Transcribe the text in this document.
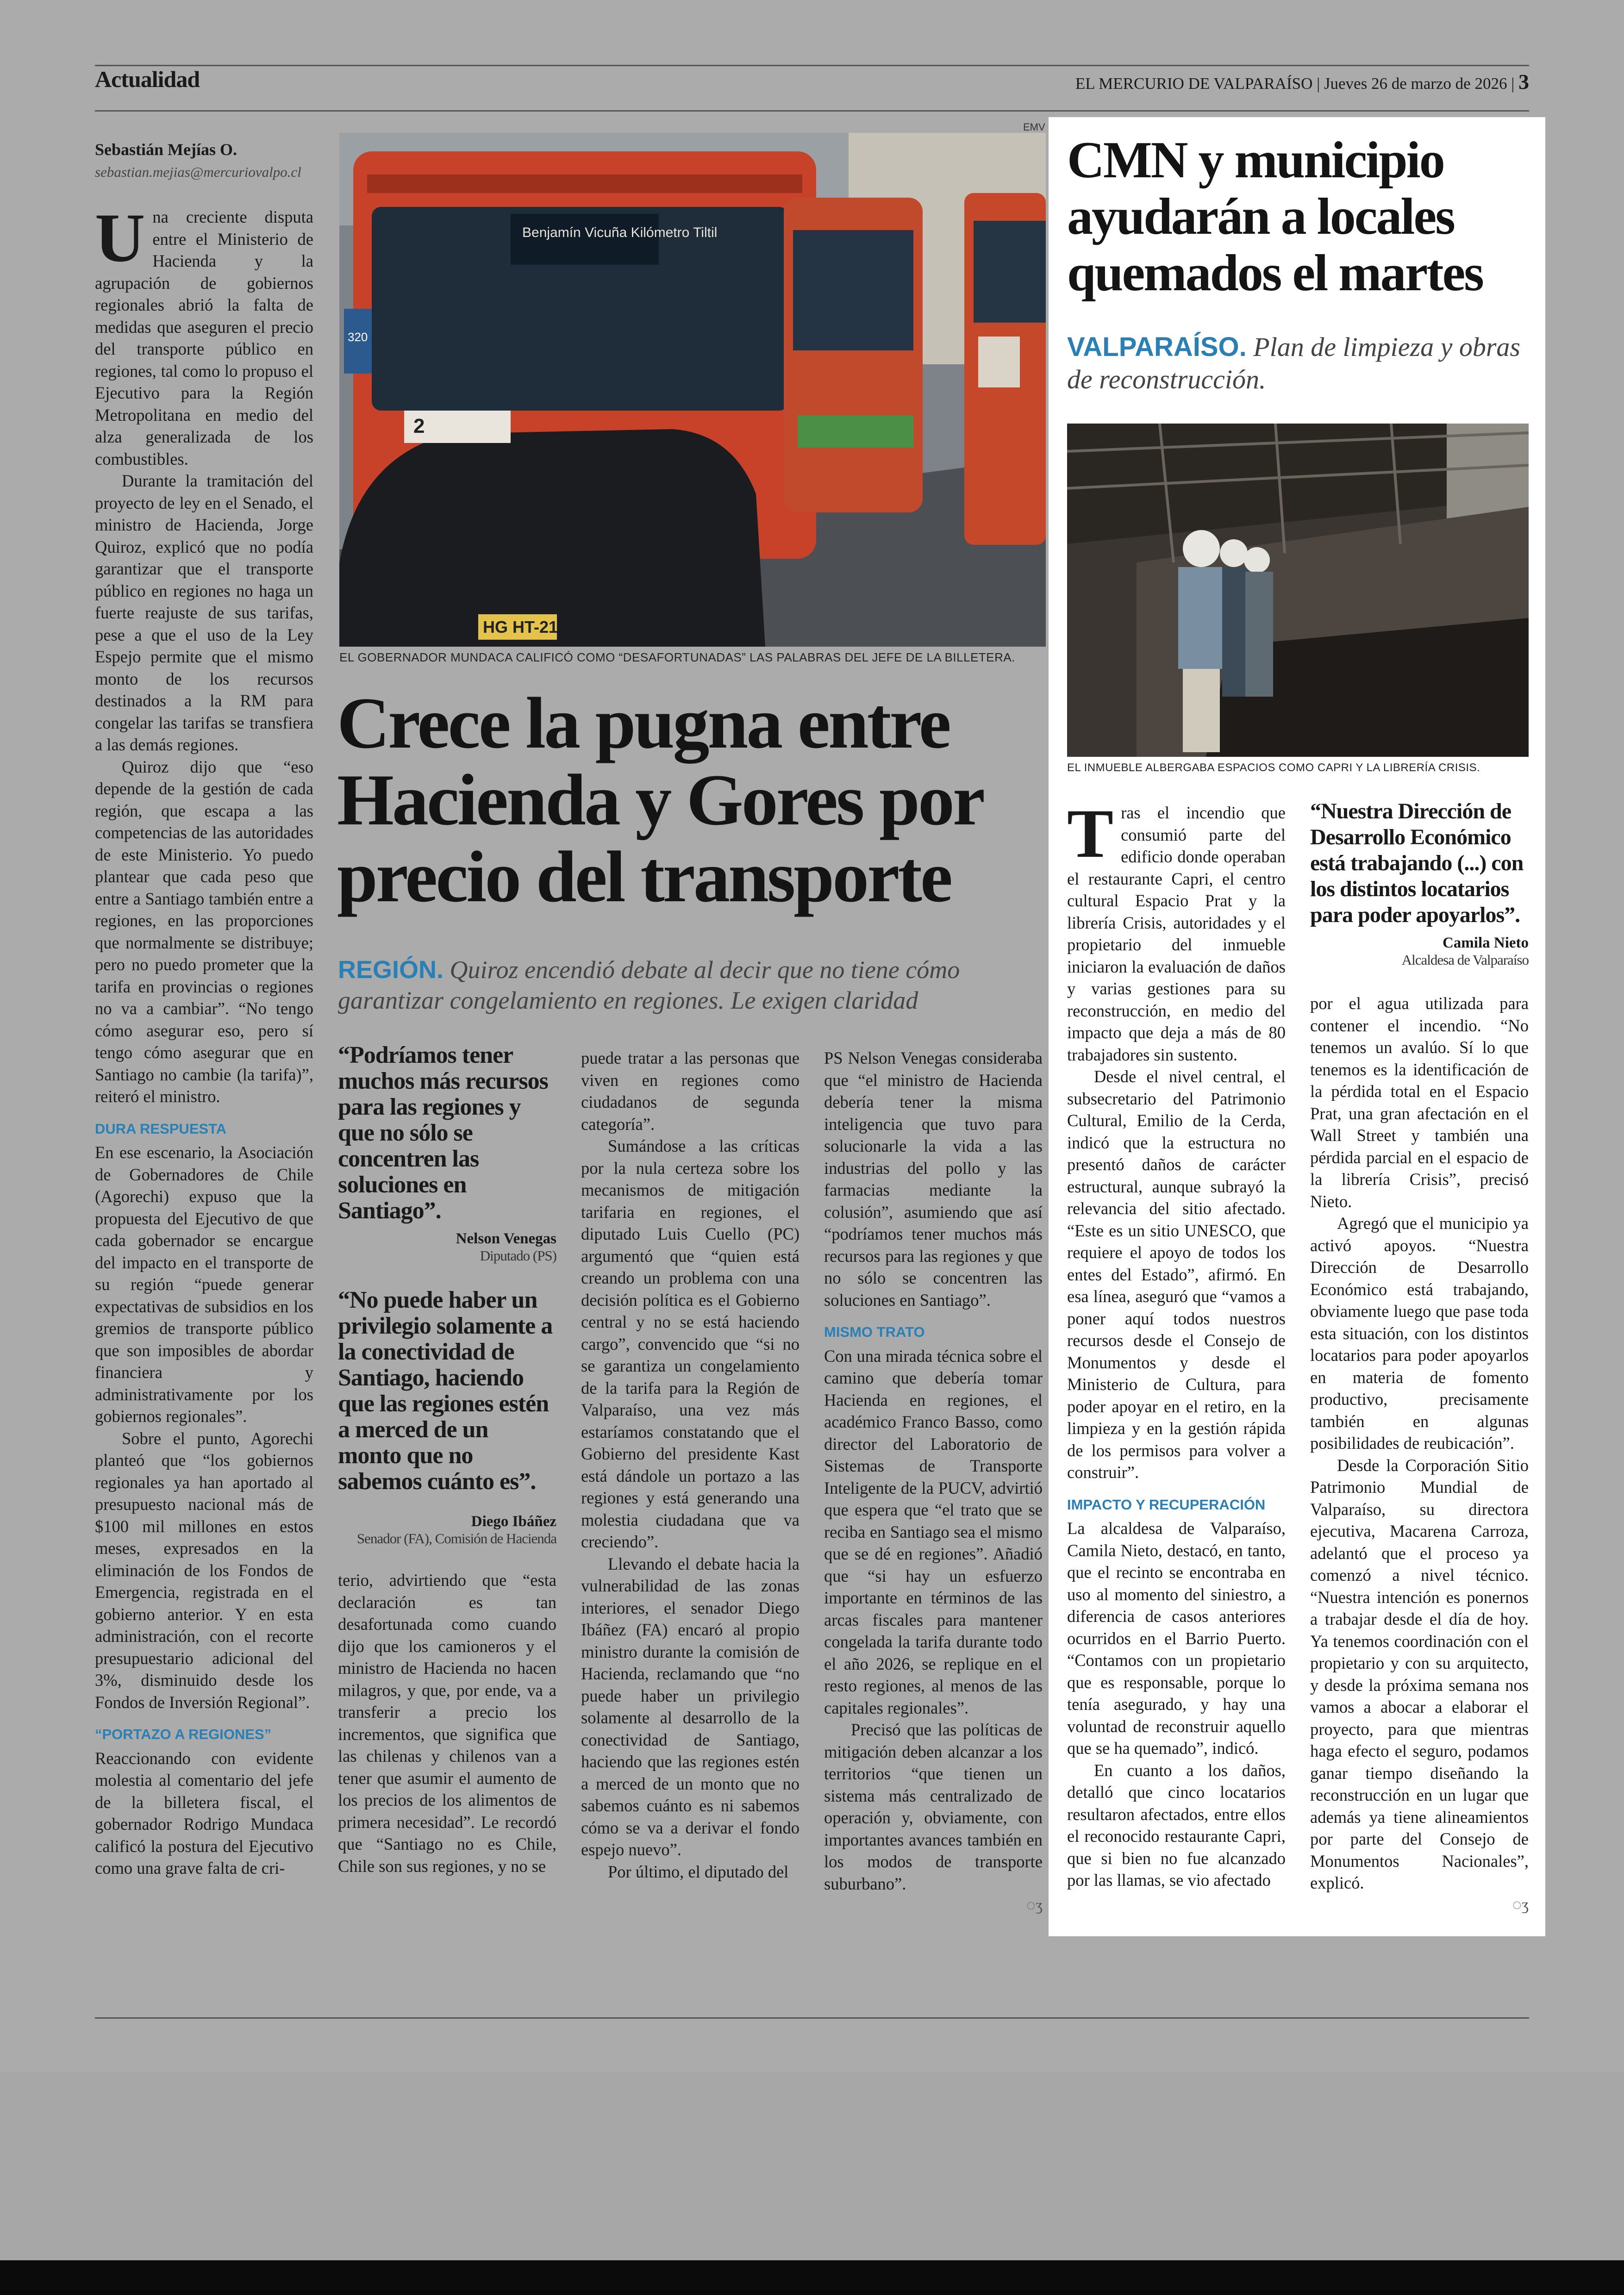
Actualidad	EL MERCURIO DE VALPARAÍSO | Jueves 26 de marzo de 2026 | 3
Sebastián Mejías O.
sebastian.mejias@mercuriovalpo.cl

Una creciente disputa entre el Ministerio de Hacienda y la agrupación de gobiernos regionales abrió la falta de medidas que aseguren el precio del transporte público en regiones, tal como lo propuso el Ejecutivo para la Región Metropolitana en medio del alza generalizada de los combustibles.

Durante la tramitación del proyecto de ley en el Senado, el ministro de Hacienda, Jorge Quiroz, explicó que no podía garantizar que el transporte público en regiones no haga un fuerte reajuste de sus tarifas, pese a que el uso de la Ley Espejo permite que el mismo monto de los recursos destinados a la RM para congelar las tarifas se transfiera a las demás regiones.

Quiroz dijo que “eso depende de la gestión de cada región, que escapa a las competencias de las autoridades de este Ministerio. Yo puedo plantear que cada peso que entre a Santiago también entre a regiones, en las proporciones que normalmente se distribuye; pero no puedo prometer que la tarifa en provincias o regiones no va a cambiar”. “No tengo cómo asegurar eso, pero sí tengo cómo asegurar que en Santiago no cambie (la tarifa)”, reiteró el ministro.

DURA RESPUESTA

En ese escenario, la Asociación de Gobernadores de Chile (Agorechi) expuso que la propuesta del Ejecutivo de que cada gobernador se encargue del impacto en el transporte de su región “puede generar expectativas de subsidios en los gremios de transporte público que son imposibles de abordar financiera y administrativamente por los gobiernos regionales”.

Sobre el punto, Agorechi planteó que “los gobiernos regionales ya han aportado al presupuesto nacional más de $100 mil millones en estos meses, expresados en la eliminación de los Fondos de Emergencia, registrada en el gobierno anterior. Y en esta administración, con el recorte presupuestario adicional del 3%, disminuido desde los Fondos de Inversión Regional”.

“PORTAZO A REGIONES”

Reaccionando con evidente molestia al comentario del jefe de la billetera fiscal, el gobernador Rodrigo Mundaca calificó la postura del Ejecutivo como una grave falta de cri-

Benjamín Vicuña Kilómetro Tiltil
320
2
HG HT-21
EMV
EL GOBERNADOR MUNDACA CALIFICÓ COMO “DESAFORTUNADAS” LAS PALABRAS DEL JEFE DE LA BILLETERA.
Crece la pugna entre Hacienda y Gores por precio del transporte
REGIÓN. Quiroz encendió debate al decir que no tiene cómo garantizar congelamiento en regiones. Le exigen claridad
“Podríamos tener muchos más recursos para las regiones y que no sólo se concentren las soluciones en Santiago”.
Nelson Venegas
Diputado (PS)
“No puede haber un privilegio solamente a la conectividad de Santiago, haciendo que las regiones estén a merced de un monto que no sabemos cuánto es”.
Diego Ibáñez
Senador (FA), Comisión de Hacienda

terio, advirtiendo que “esta declaración es tan desafortunada como cuando dijo que los camioneros y el ministro de Hacienda no hacen milagros, y que, por ende, va a transferir a precio los incrementos, que significa que las chilenas y chilenos van a tener que asumir el aumento de los precios de los alimentos de primera necesidad”. Le recordó que “Santiago no es Chile, Chile son sus regiones, y no se

puede tratar a las personas que viven en regiones como ciudadanos de segunda categoría”.

Sumándose a las críticas por la nula certeza sobre los mecanismos de mitigación tarifaria en regiones, el diputado Luis Cuello (PC) argumentó que “quien está creando un problema con una decisión política es el Gobierno central y no se está haciendo cargo”, convencido que “si no se garantiza un congelamiento de la tarifa para la Región de Valparaíso, una vez más estaríamos constatando que el Gobierno del presidente Kast está dándole un portazo a las regiones y está generando una molestia ciudadana que va creciendo”.

Llevando el debate hacia la vulnerabilidad de las zonas interiores, el senador Diego Ibáñez (FA) encaró al propio ministro durante la comisión de Hacienda, reclamando que “no puede haber un privilegio solamente al desarrollo de la conectividad de Santiago, haciendo que las regiones estén a merced de un monto que no sabemos cuánto es ni sabemos cómo se va a derivar el fondo espejo nuevo”.

Por último, el diputado del

PS Nelson Venegas consideraba que “el ministro de Hacienda debería tener la misma inteligencia que tuvo para solucionarle la vida a las industrias del pollo y las farmacias mediante la colusión”, asumiendo que así “podríamos tener muchos más recursos para las regiones y que no sólo se concentren las soluciones en Santiago”.

MISMO TRATO

Con una mirada técnica sobre el camino que debería tomar Hacienda en regiones, el académico Franco Basso, como director del Laboratorio de Sistemas de Transporte Inteligente de la PUCV, advirtió que espera que “el trato que se reciba en Santiago sea el mismo que se dé en regiones”. Añadió que “si hay un esfuerzo importante en términos de las arcas fiscales para mantener congelada la tarifa durante todo el año 2026, se replique en el resto regiones, al menos de las capitales regionales”.

Precisó que las políticas de mitigación deben alcanzar a los territorios “que tienen un sistema más centralizado de operación y, obviamente, con importantes avances también en los modos de transporte suburbano”.

◌ʒ
CMN y municipio ayudarán a locales quemados el martes
VALPARAÍSO. Plan de limpieza y obras de reconstrucción.
EL INMUEBLE ALBERGABA ESPACIOS COMO CAPRI Y LA LIBRERÍA CRISIS.

Tras el incendio que consumió parte del edificio donde operaban el restaurante Capri, el centro cultural Espacio Prat y la librería Crisis, autoridades y el propietario del inmueble iniciaron la evaluación de daños y varias gestiones para su reconstrucción, en medio del impacto que deja a más de 80 trabajadores sin sustento.

Desde el nivel central, el subsecretario del Patrimonio Cultural, Emilio de la Cerda, indicó que la estructura no presentó daños de carácter estructural, aunque subrayó la relevancia del sitio afectado. “Este es un sitio UNESCO, que requiere el apoyo de todos los entes del Estado”, afirmó. En esa línea, aseguró que “vamos a poner aquí todos nuestros recursos desde el Consejo de Monumentos y desde el Ministerio de Cultura, para poder apoyar en el retiro, en la limpieza y en la gestión rápida de los permisos para volver a construir”.

IMPACTO Y RECUPERACIÓN

La alcaldesa de Valparaíso, Camila Nieto, destacó, en tanto, que el recinto se encontraba en uso al momento del siniestro, a diferencia de casos anteriores ocurridos en el Barrio Puerto. “Contamos con un propietario que es responsable, porque lo tenía asegurado, y hay una voluntad de reconstruir aquello que se ha quemado”, indicó.

En cuanto a los daños, detalló que cinco locatarios resultaron afectados, entre ellos el reconocido restaurante Capri, que si bien no fue alcanzado por las llamas, se vio afectado

“Nuestra Dirección de Desarrollo Económico está trabajando (...) con los distintos locatarios para poder apoyarlos”.
Camila Nieto
Alcaldesa de Valparaíso

por el agua utilizada para contener el incendio. “No tenemos un avalúo. Sí lo que tenemos es la identificación de la pérdida total en el Espacio Prat, una gran afectación en el Wall Street y también una pérdida parcial en el espacio de la librería Crisis”, precisó Nieto.

Agregó que el municipio ya activó apoyos. “Nuestra Dirección de Desarrollo Económico está trabajando, obviamente luego que pase toda esta situación, con los distintos locatarios para poder apoyarlos en materia de fomento productivo, precisamente también en algunas posibilidades de reubicación”.

Desde la Corporación Sitio Patrimonio Mundial de Valparaíso, su directora ejecutiva, Macarena Carroza, adelantó que el proceso ya comenzó a nivel técnico. “Nuestra intención es ponernos a trabajar desde el día de hoy. Ya tenemos coordinación con el propietario y con su arquitecto, y desde la próxima semana nos vamos a abocar a elaborar el proyecto, para que mientras haga efecto el seguro, podamos ganar tiempo diseñando la reconstrucción en un lugar que además ya tiene alineamientos por parte del Consejo de Monumentos Nacionales”, explicó.

◌ʒ
